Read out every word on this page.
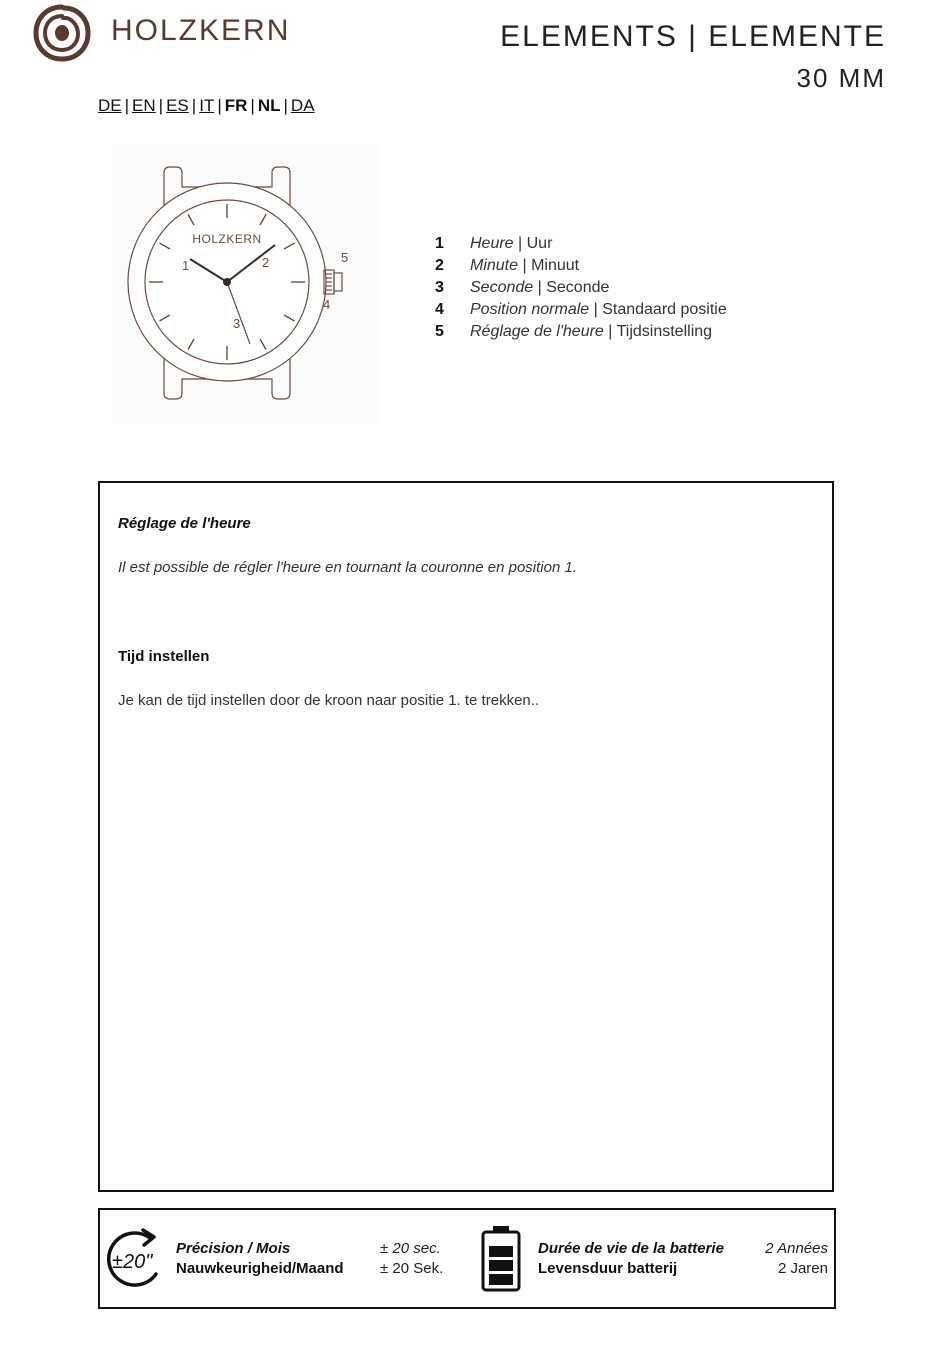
HOLZKERN	ELEMENTS | ELEMENTE
30 MM
DE | EN | ES | IT | FR | NL | DA
HOLZKERN
1	2
3
4
5
1 Heure | Uur
2 Minute | Minuut
3 Seconde | Seconde
4 Position normale | Standaard positie
5 Réglage de l'heure | Tijdsinstelling
Réglage de l'heure
Il est possible de régler l'heure en tournant la couronne en position 1.
Tijd instellen
Je kan de tijd instellen door de kroon naar positie 1. te trekken..
±20"
Précision / Mois
Nauwkeurigheid/Maand
± 20 sec.
± 20 Sek.
Durée de vie de la batterie
Levensduur batterij
2 Années
2 Jaren
